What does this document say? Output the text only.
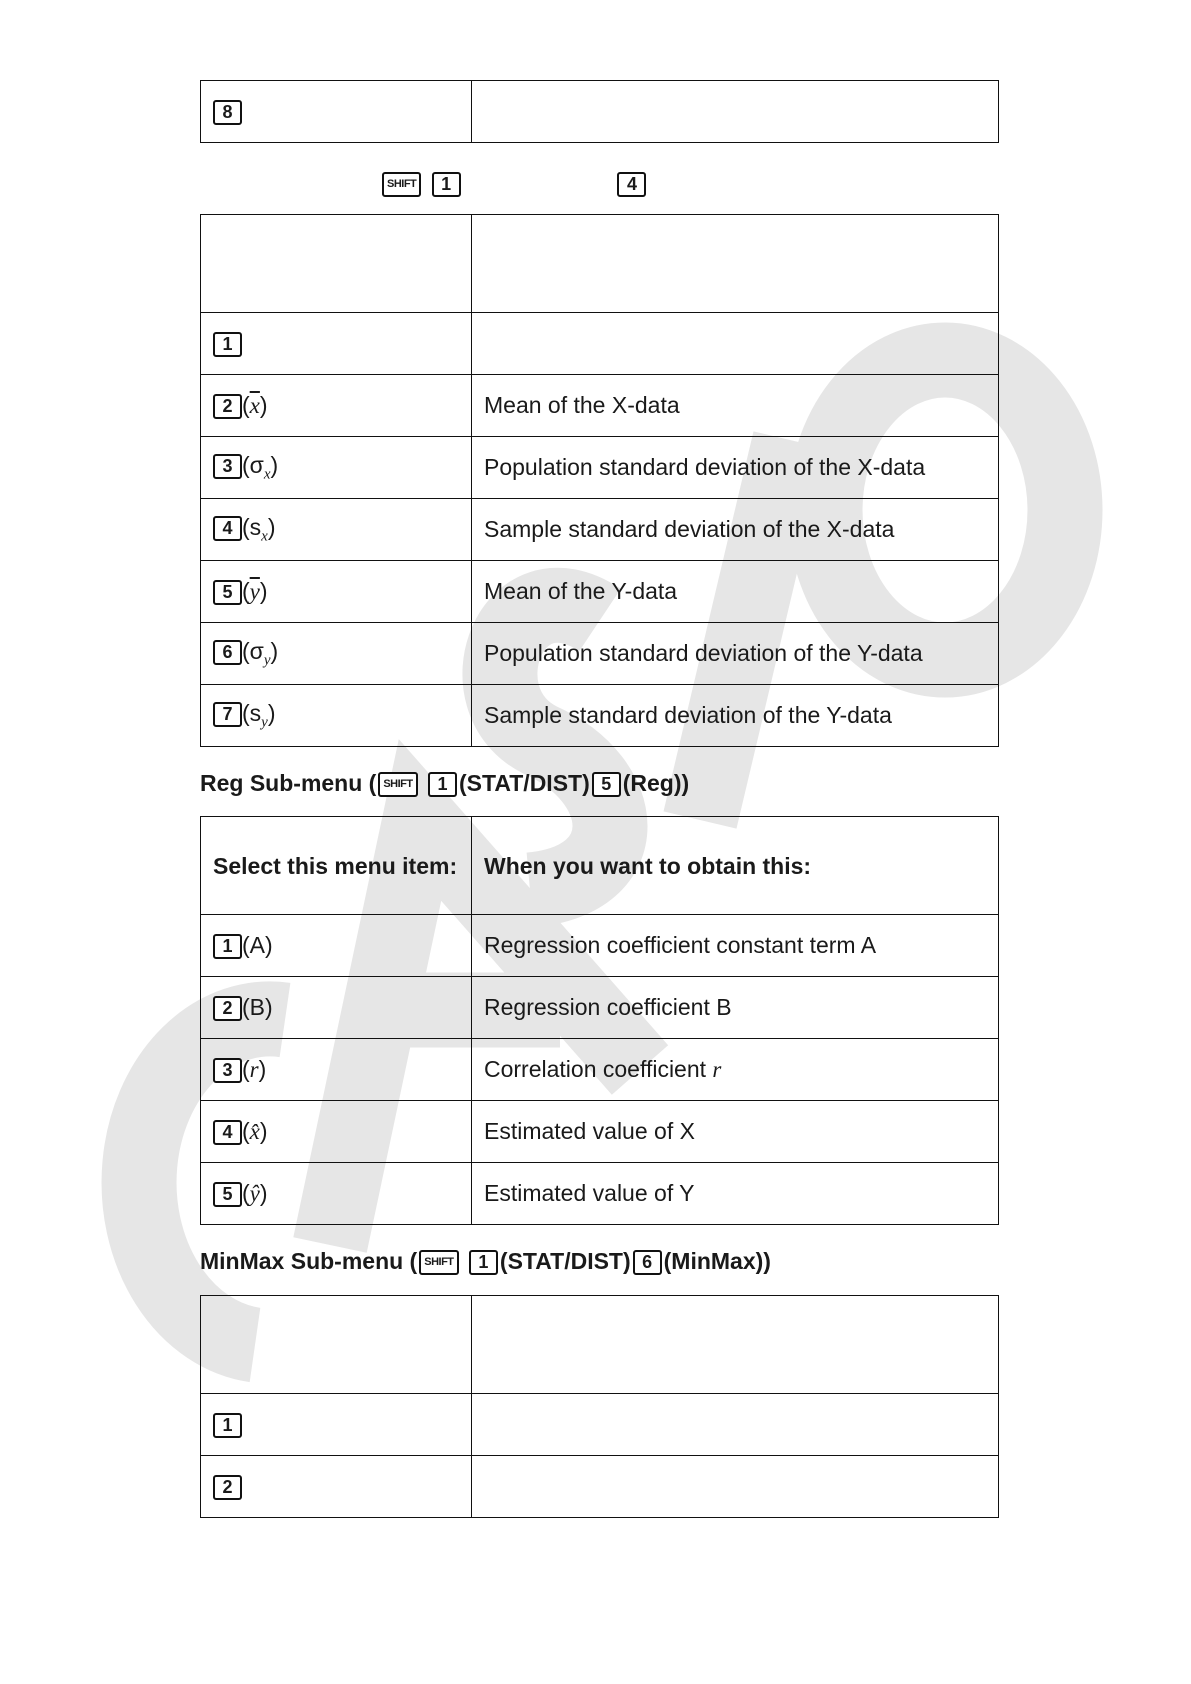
8	
SHIFT 1	4

1	
2 $(\overline{x})$	Mean of the X-data
3 $(\sigma_x)$	Population standard deviation of the X-data
4 $(s_x)$	Sample standard deviation of the X-data
5 $(\overline{y})$	Mean of the Y-data
6 $(\sigma_y)$	Population standard deviation of the Y-data
7 $(s_y)$	Sample standard deviation of the Y-data
Reg Sub-menu ( SHIFT 1 (STAT/DIST) 5 (Reg))
Select this menu item:	When you want to obtain this:
1 (A)	Regression coefficient constant term A
2 (B)	Regression coefficient B
3 (r)	Correlation coefficient r
4 (x̂)	Estimated value of X
5 (ŷ)	Estimated value of Y
MinMax Sub-menu ( SHIFT 1 (STAT/DIST) 6 (MinMax))

1	
2	
